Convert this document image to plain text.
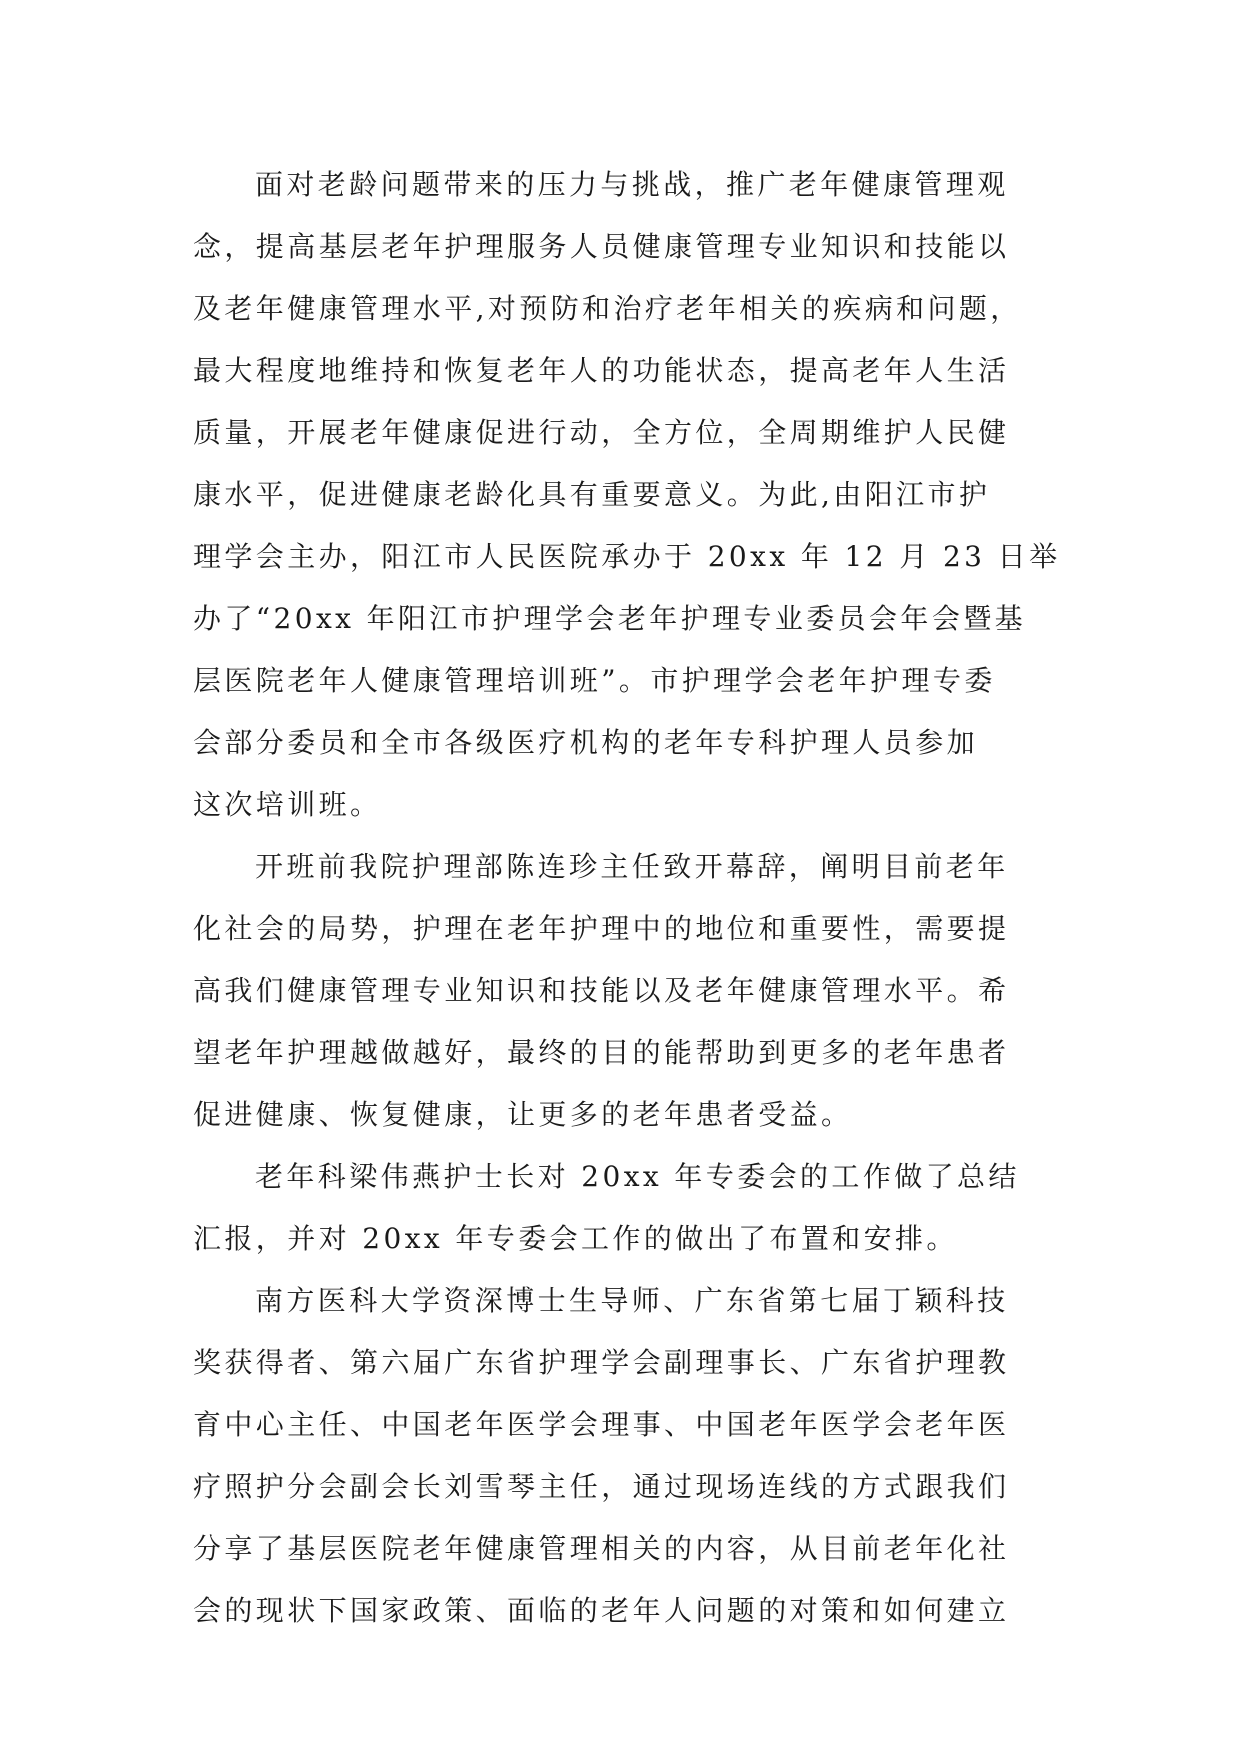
面对老龄问题带来的压力与挑战，推广老年健康管理观
念，提高基层老年护理服务人员健康管理专业知识和技能以
及老年健康管理水平,对预防和治疗老年相关的疾病和问题，
最大程度地维持和恢复老年人的功能状态，提高老年人生活
质量，开展老年健康促进行动，全方位，全周期维护人民健
康水平，促进健康老龄化具有重要意义。为此,由阳江市护
理学会主办，阳江市人民医院承办于 20xx 年 12 月 23 日举
办了“20xx 年阳江市护理学会老年护理专业委员会年会暨基
层医院老年人健康管理培训班”。市护理学会老年护理专委
会部分委员和全市各级医疗机构的老年专科护理人员参加
这次培训班。
开班前我院护理部陈连珍主任致开幕辞，阐明目前老年
化社会的局势，护理在老年护理中的地位和重要性，需要提
高我们健康管理专业知识和技能以及老年健康管理水平。希
望老年护理越做越好，最终的目的能帮助到更多的老年患者
促进健康、恢复健康，让更多的老年患者受益。
老年科梁伟燕护士长对 20xx 年专委会的工作做了总结
汇报，并对 20xx 年专委会工作的做出了布置和安排。
南方医科大学资深博士生导师、广东省第七届丁颖科技
奖获得者、第六届广东省护理学会副理事长、广东省护理教
育中心主任、中国老年医学会理事、中国老年医学会老年医
疗照护分会副会长刘雪琴主任，通过现场连线的方式跟我们
分享了基层医院老年健康管理相关的内容，从目前老年化社
会的现状下国家政策、面临的老年人问题的对策和如何建立
